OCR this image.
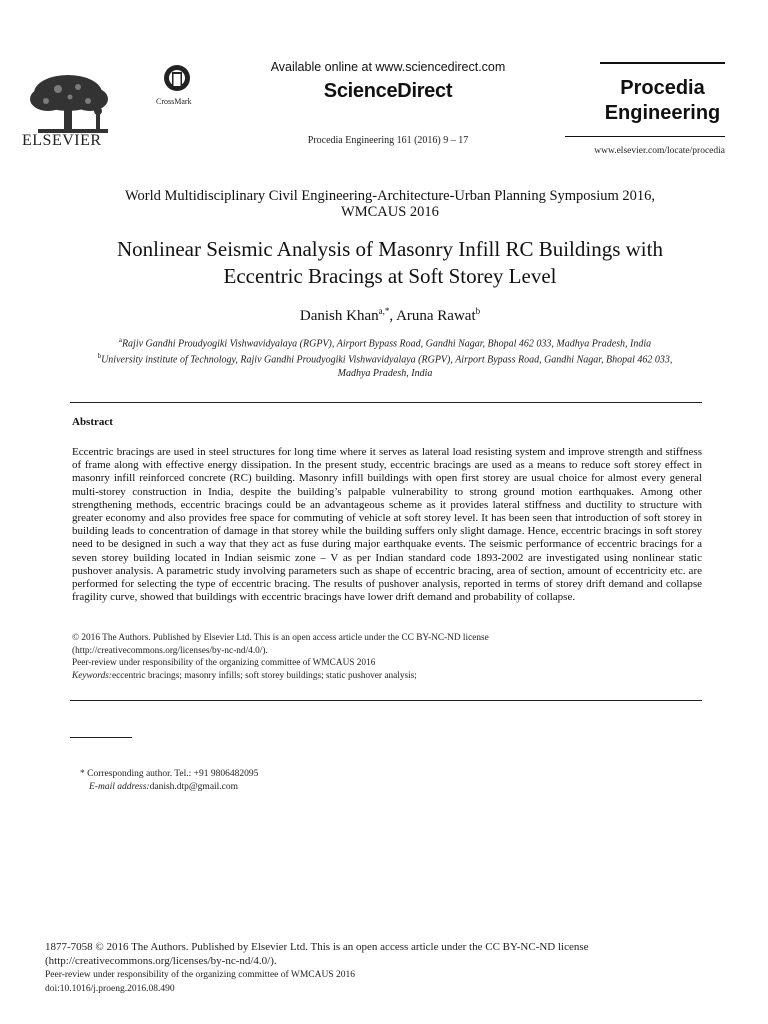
ELSEVIER
CrossMark
Available online at www.sciencedirect.com
ScienceDirect
Procedia Engineering 161 (2016) 9 – 17
Procedia
Engineering
www.elsevier.com/locate/procedia
World Multidisciplinary Civil Engineering-Architecture-Urban Planning Symposium 2016,
WMCAUS 2016
Nonlinear Seismic Analysis of Masonry Infill RC Buildings with
Eccentric Bracings at Soft Storey Level
Danish Khan$^{a,*}$, Aruna Rawat$^b$
$^a$Rajiv Gandhi Proudyogiki Vishwavidyalaya (RGPV), Airport Bypass Road, Gandhi Nagar, Bhopal 462 033, Madhya Pradesh, India
$^b$University institute of Technology, Rajiv Gandhi Proudyogiki Vishwavidyalaya (RGPV), Airport Bypass Road, Gandhi Nagar, Bhopal 462 033,
Madhya Pradesh, India
Abstract
Eccentric bracings are used in steel structures for long time where it serves as lateral load resisting system and improve strength and stiffness of frame along with effective energy dissipation. In the present study, eccentric bracings are used as a means to reduce soft storey effect in masonry infill reinforced concrete (RC) building. Masonry infill buildings with open first storey are usual choice for almost every general multi-storey construction in India, despite the building’s palpable vulnerability to strong ground motion earthquakes. Among other strengthening methods, eccentric bracings could be an advantageous scheme as it provides lateral stiffness and ductility to structure with greater economy and also provides free space for commuting of vehicle at soft storey level. It has been seen that introduction of soft storey in building leads to concentration of damage in that storey while the building suffers only slight damage. Hence, eccentric bracings in soft storey need to be designed in such a way that they act as fuse during major earthquake events. The seismic performance of eccentric bracings for a seven storey building located in Indian seismic zone – V as per Indian standard code 1893-2002 are investigated using nonlinear static pushover analysis. A parametric study involving parameters such as shape of eccentric bracing, area of section, amount of eccentricity etc. are performed for selecting the type of eccentric bracing. The results of pushover analysis, reported in terms of storey drift demand and collapse fragility curve, showed that buildings with eccentric bracings have lower drift demand and probability of collapse.
© 2016 The Authors. Published by Elsevier Ltd. This is an open access article under the CC BY-NC-ND license
(http://creativecommons.org/licenses/by-nc-nd/4.0/).
Peer-review under responsibility of the organizing committee of WMCAUS 2016
Keywords:eccentric bracings; masonry infills; soft storey buildings; static pushover analysis;
* Corresponding author. Tel.: +91 9806482095
E-mail address:danish.dtp@gmail.com
1877-7058 © 2016 The Authors. Published by Elsevier Ltd. This is an open access article under the CC BY-NC-ND license
(http://creativecommons.org/licenses/by-nc-nd/4.0/).
Peer-review under responsibility of the organizing committee of WMCAUS 2016
doi:10.1016/j.proeng.2016.08.490
